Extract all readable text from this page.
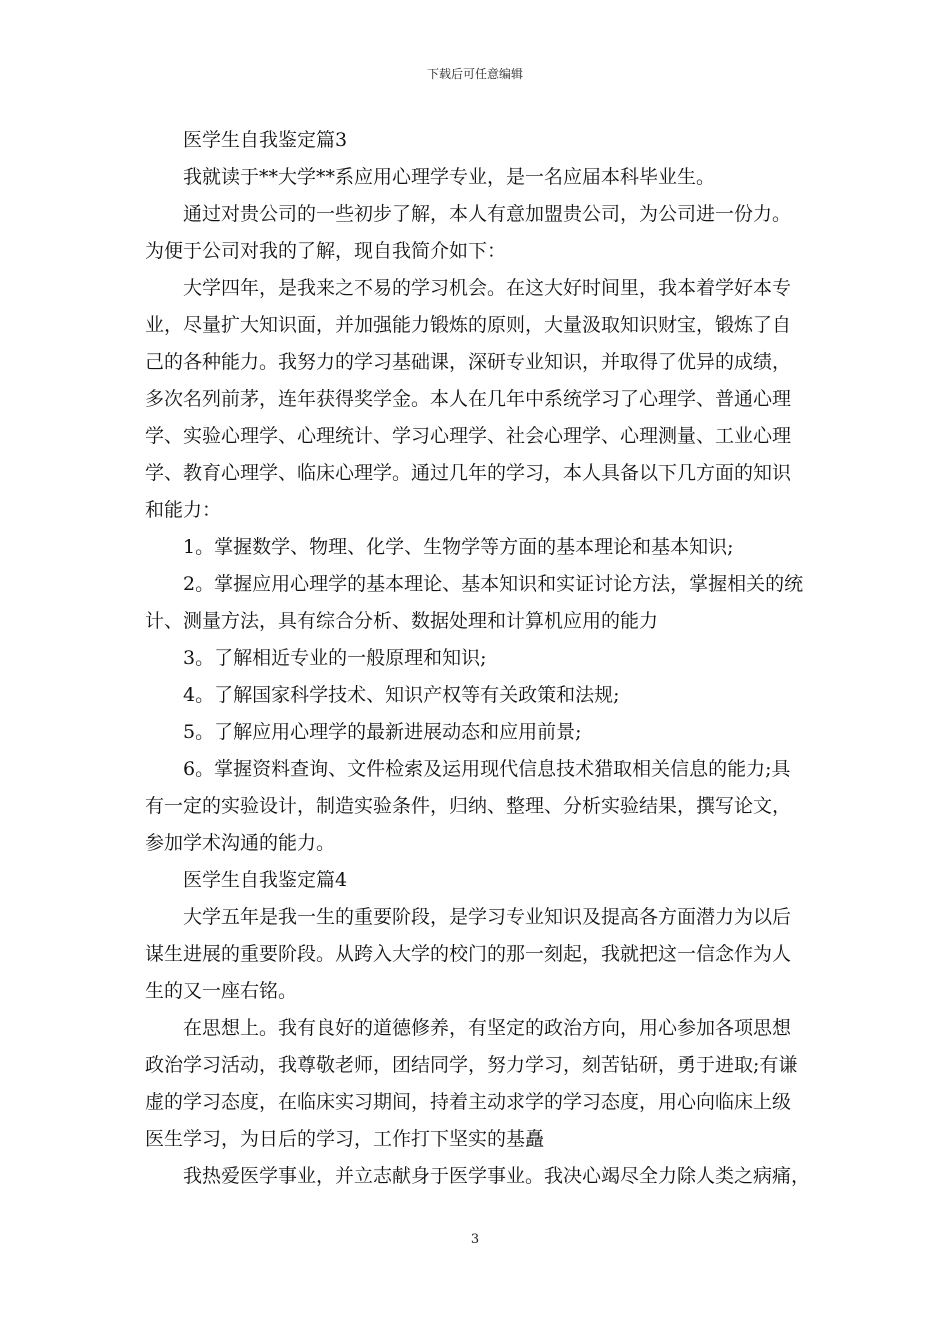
下载后可任意编辑
医学生自我鉴定篇3
我就读于**大学**系应用心理学专业，是一名应届本科毕业生。
通过对贵公司的一些初步了解，本人有意加盟贵公司，为公司进一份力。
为便于公司对我的了解，现自我简介如下：
大学四年，是我来之不易的学习机会。在这大好时间里，我本着学好本专
业，尽量扩大知识面，并加强能力锻炼的原则，大量汲取知识财宝，锻炼了自
己的各种能力。我努力的学习基础课，深研专业知识，并取得了优异的成绩，
多次名列前茅，连年获得奖学金。本人在几年中系统学习了心理学、普通心理
学、实验心理学、心理统计、学习心理学、社会心理学、心理测量、工业心理
学、教育心理学、临床心理学。通过几年的学习，本人具备以下几方面的知识
和能力：
1。掌握数学、物理、化学、生物学等方面的基本理论和基本知识;
2。掌握应用心理学的基本理论、基本知识和实证讨论方法，掌握相关的统
计、测量方法，具有综合分析、数据处理和计算机应用的能力
3。了解相近专业的一般原理和知识;
4。了解国家科学技术、知识产权等有关政策和法规;
5。了解应用心理学的最新进展动态和应用前景;
6。掌握资料查询、文件检索及运用现代信息技术猎取相关信息的能力;具
有一定的实验设计，制造实验条件，归纳、整理、分析实验结果，撰写论文，
参加学术沟通的能力。
医学生自我鉴定篇4
大学五年是我一生的重要阶段，是学习专业知识及提高各方面潜力为以后
谋生进展的重要阶段。从跨入大学的校门的那一刻起，我就把这一信念作为人
生的又一座右铭。
在思想上。我有良好的道德修养，有坚定的政治方向，用心参加各项思想
政治学习活动，我尊敬老师，团结同学，努力学习，刻苦钻研，勇于进取;有谦
虚的学习态度，在临床实习期间，持着主动求学的学习态度，用心向临床上级
医生学习，为日后的学习，工作打下坚实的基矗
我热爱医学事业，并立志献身于医学事业。我决心竭尽全力除人类之病痛，
3
